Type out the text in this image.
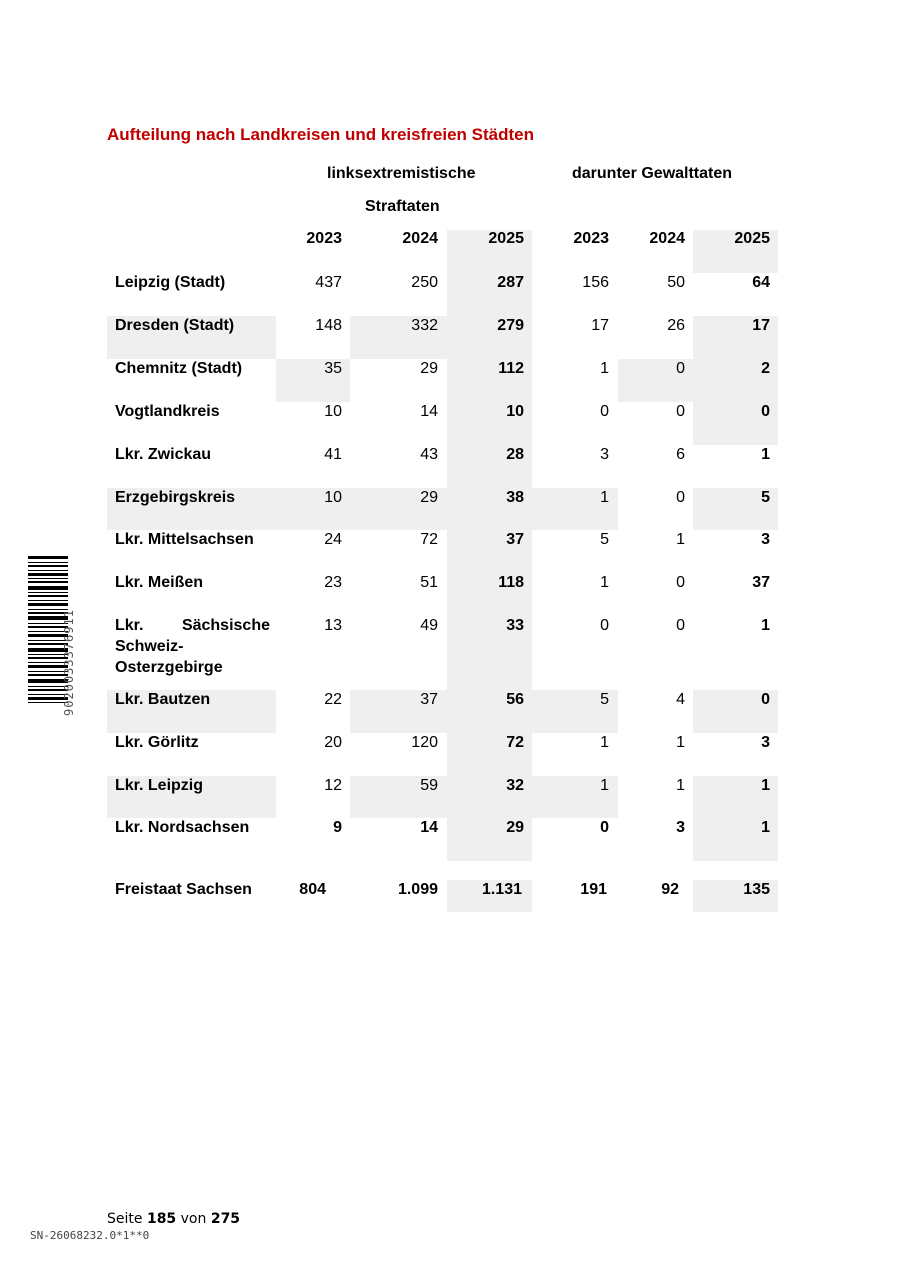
Aufteilung nach Landkreisen und kreisfreien Städten
linksextremistische
Straftaten
darunter Gewalttaten
2023	2024	2025	2023	2024	2025
Leipzig (Stadt)	437	250	287	156	50	64
Dresden (Stadt)	148	332	279	17	26	17
Chemnitz (Stadt)	35	29	112	1	0	2
Vogtlandkreis	10	14	10	0	0	0
Lkr. Zwickau	41	43	28	3	6	1
Erzgebirgskreis	10	29	38	1	0	5
Lkr. Mittelsachsen	24	72	37	5	1	3
Lkr. Meißen	23	51	118	1	0	37
Lkr. Sächsische
Schweiz-
Osterzgebirge
13	49	33	0	0	1
Lkr. Bautzen	22	37	56	5	4	0
Lkr. Görlitz	20	120	72	1	1	3
Lkr. Leipzig	12	59	32	1	1	1
Lkr. Nordsachsen	9	14	29	0	3	1
Freistaat Sachsen	804	1.099	1.131	191	92	135
Seite 185 von 275
SN-26068232.0*1**0
9020033376911
